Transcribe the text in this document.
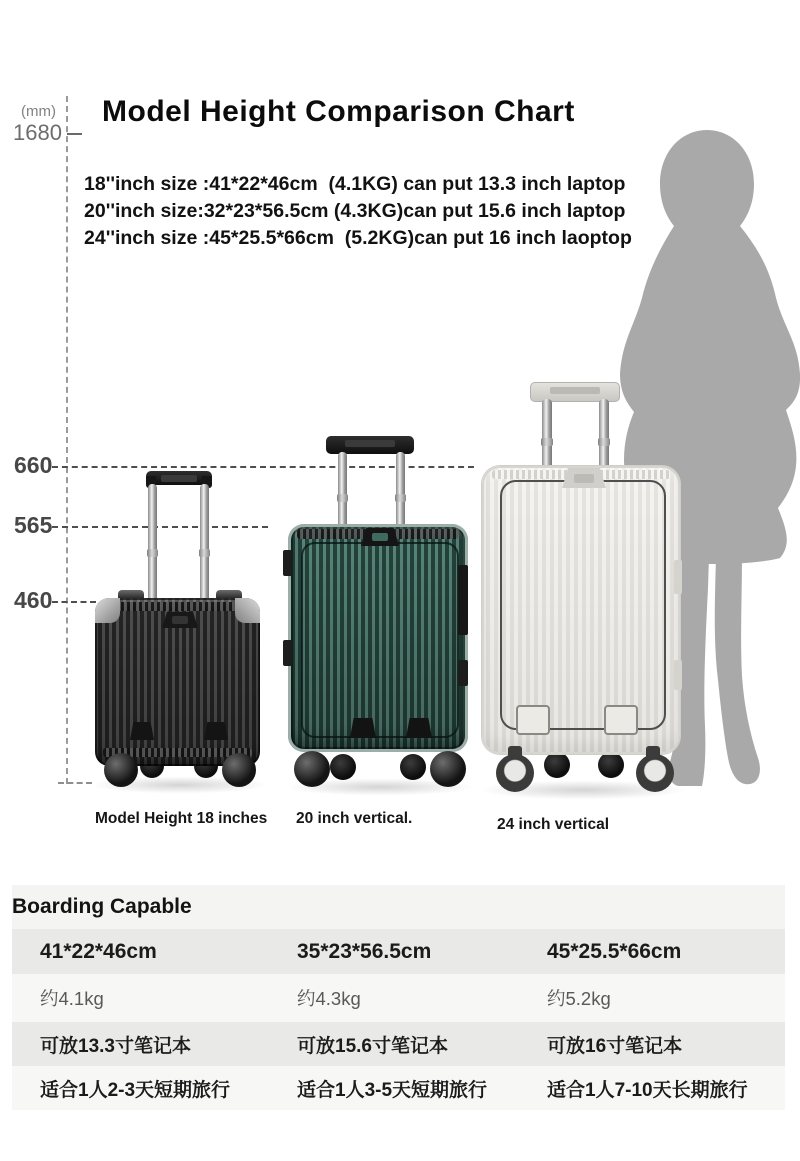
(mm)
1680
660
565
460
Model Height Comparison Chart
18''inch size :41*22*46cm  (4.1KG) can put 13.3 inch laptop
20''inch size:32*23*56.5cm (4.3KG)can put 15.6 inch laptop
24''inch size :45*25.5*66cm  (5.2KG)can put 16 inch laoptop
Model Height 18 inches 20 inch vertical.	24 inch vertical
Boarding Capable
41*22*46cm	35*23*56.5cm	45*25.5*66cm
约4.1kg	约4.3kg	约5.2kg
可放13.3寸笔记本	可放15.6寸笔记本	可放16寸笔记本
适合1人2-3天短期旅行	适合1人3-5天短期旅行	适合1人7-10天长期旅行
